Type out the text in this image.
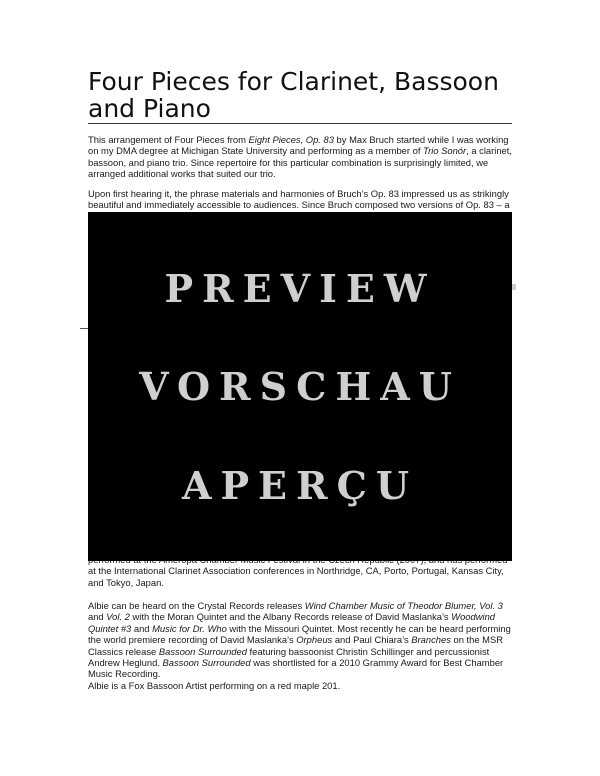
Four Pieces for Clarinet, Bassoon and Piano

This arrangement of Four Pieces from Eight Pieces, Op. 83 by Max Bruch started while I was working on my DMA degree at Michigan State University and performing as a member of Trio Sonór, a clarinet, bassoon, and piano trio. Since repertoire for this particular combination is surprisingly limited, we arranged additional works that suited our trio.

Upon first hearing it, the phrase materials and harmonies of Bruch’s Op. 83 impressed us as strikingly beautiful and immediately accessible to audiences. Since Bruch composed two versions of Op. 83 – a

at the International Clarinet Association conferences in Northridge, CA, Porto, Portugal, Kansas City, and Tokyo, Japan.

Albie can be heard on the Crystal Records releases Wind Chamber Music of Theodor Blumer, Vol. 3 and Vol. 2 with the Moran Quintet and the Albany Records release of David Maslanka’s Woodwind Quintet #3 and Music for Dr. Who with the Missouri Quintet. Most recently he can be heard performing the world premiere recording of David Maslanka’s Orpheus and Paul Chiara’s Branches on the MSR Classics release Bassoon Surrounded featuring bassoonist Christin Schillinger and percussionist Andrew Heglund. Bassoon Surrounded was shortlisted for a 2010 Grammy Award for Best Chamber Music Recording.

Albie is a Fox Bassoon Artist performing on a red maple 201.

PREVIEW
VORSCHAU
APERÇU
